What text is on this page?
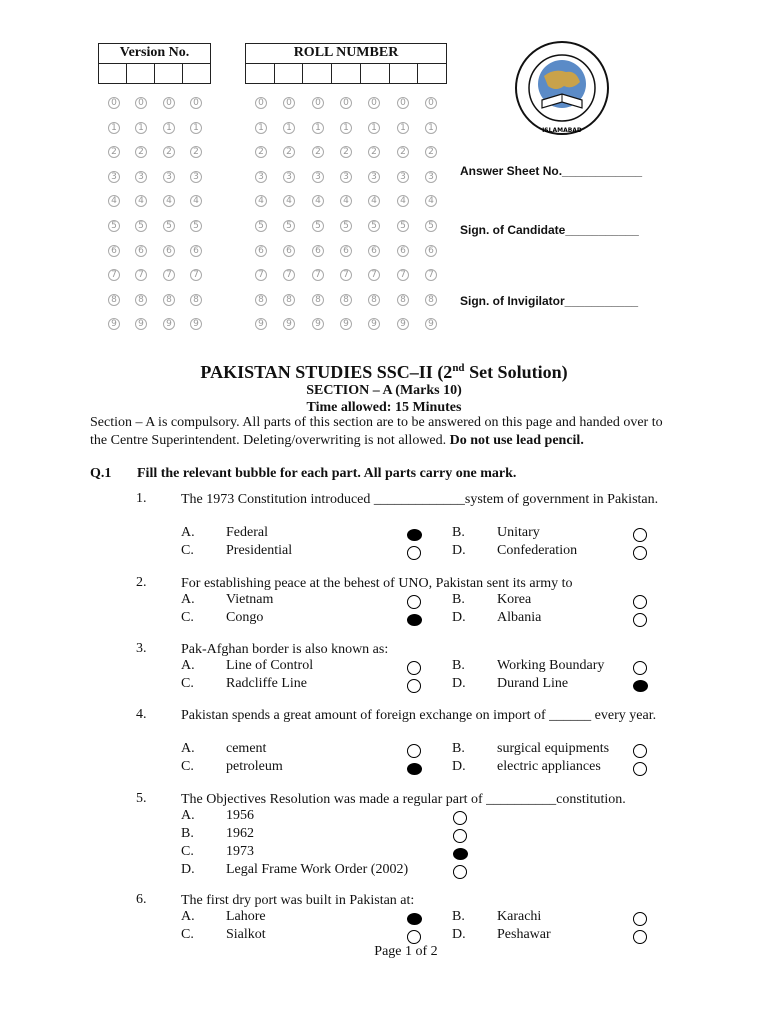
Version No.	ROLL NUMBER
0	0	0	0	0	0	0	0	0	0	0
1	1	1	1	1	1	1	1	1	1	1
2	2	2	2	2	2	2	2	2	2	2
3	3	3	3	3	3	3	3	3	3	3
4	4	4	4	4	4	4	4	4	4	4
5	5	5	5	5	5	5	5	5	5	5
6	6	6	6	6	6	6	6	6	6	6
7	7	7	7	7	7	7	7	7	7	7
8	8	8	8	8	8	8	8	8	8	8
9	9	9	9	9	9	9	9	9	9	9
ISLAMABAD
Answer Sheet No.____________
Sign. of Candidate___________
Sign. of Invigilator___________
PAKISTAN STUDIES SSC–II (2nd Set Solution)
SECTION – A (Marks 10)
Time allowed: 15 Minutes
Section – A is compulsory. All parts of this section are to be answered on this page and handed over to the Centre Superintendent. Deleting/overwriting is not allowed. Do not use lead pencil.
Q.1 Fill the relevant bubble for each part. All parts carry one mark.
1. The 1973 Constitution introduced _____________system of government in Pakistan.
A. Federal	B. Unitary
C. Presidential	D. Confederation
2. For establishing peace at the behest of UNO, Pakistan sent its army to
A. Vietnam	B. Korea
C. Congo	D. Albania
3. Pak-Afghan border is also known as:
A. Line of Control	B. Working Boundary
C. Radcliffe Line	D. Durand Line
4. Pakistan spends a great amount of foreign exchange on import of ______ every year.
A. cement	B. surgical equipments
C. petroleum	D. electric appliances
5. The Objectives Resolution was made a regular part of __________constitution.
A. 1956
B. 1962
C. 1973
D. Legal Frame Work Order (2002)
6. The first dry port was built in Pakistan at:
A. Lahore	B. Karachi
C. Sialkot	D. Peshawar
Page 1 of 2
